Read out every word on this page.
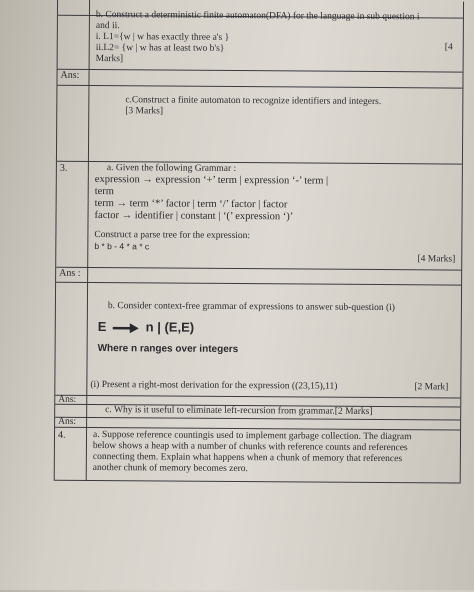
b. Construct a deterministic finite automaton(DFA) for the language in sub question i
and ii.
i. L1={w | w has exactly three a's }
ii.L2= {w | w has at least two b's}
Marks]
[4
Ans:
c.Construct a finite automaton to recognize identifiers and integers.
[3 Marks]
3.	a. Given the following Grammar :
expression → expression ‘+’ term | expression ‘-’ term |
term
term → term ‘*’ factor | term ‘/’ factor | factor
factor → identifier | constant | ‘(’ expression ‘)’
Construct a parse tree for the expression:
b * b - 4 * a * c
[4 Marks]
Ans :
b. Consider context-free grammar of expressions to answer sub-question (i)
E	n | (E,E)
Where n ranges over integers
(i) Present a right-most derivation for the expression ((23,15),11)	[2 Mark]
Ans:
c. Why is it useful to eliminate left-recursion from grammar.[2 Marks]
Ans:
4.	a. Suppose reference countingis used to implement garbage collection. The diagram
below shows a heap with a number of chunks with reference counts and references
connecting them. Explain what happens when a chunk of memory that references
another chunk of memory becomes zero.
